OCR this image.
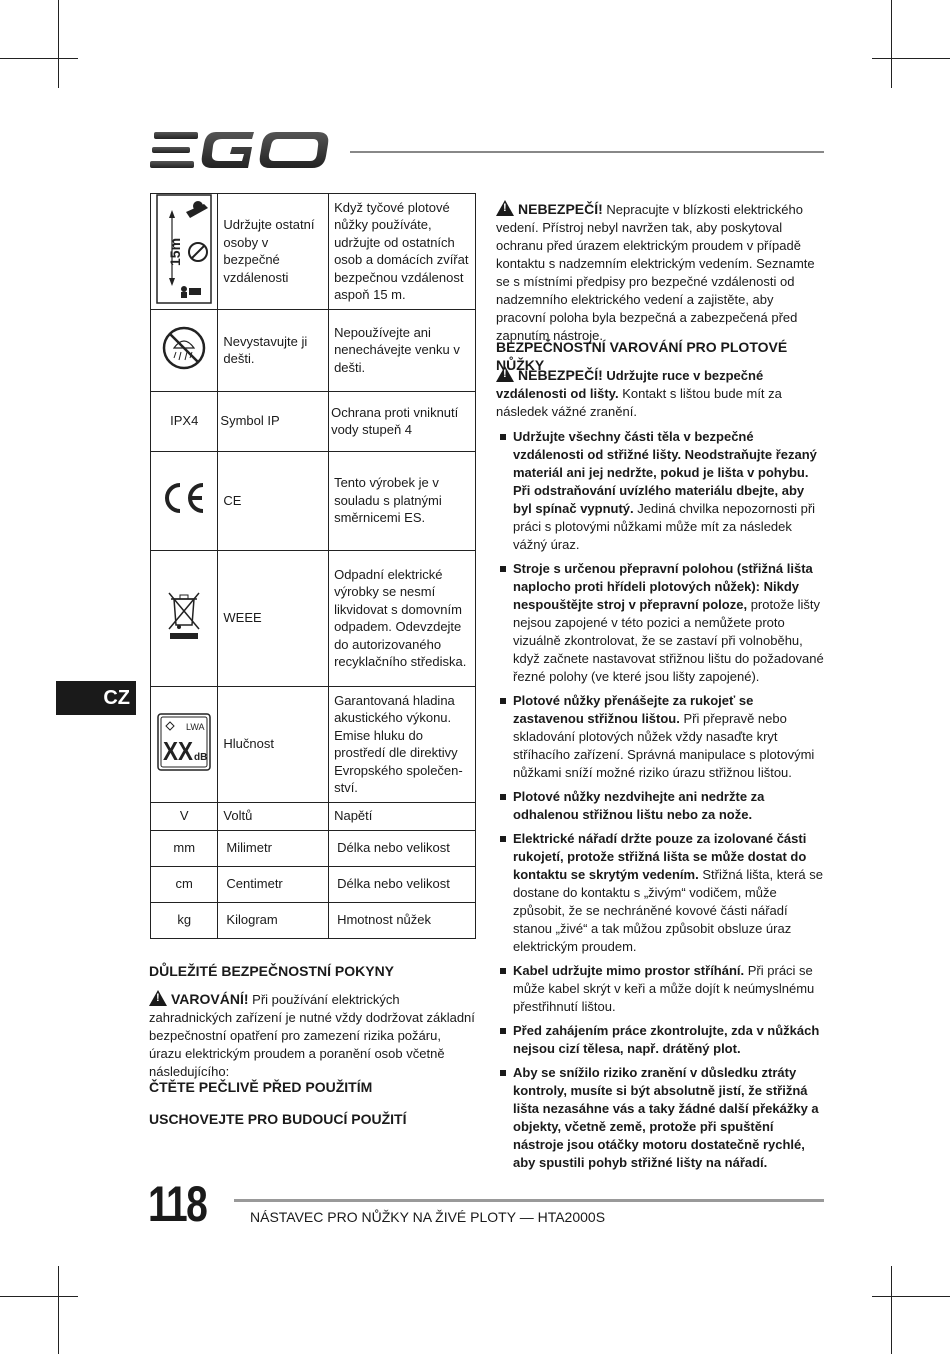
15m	Udržujte ostatní osoby v bezpečné vzdálenosti	Když tyčové plotové nůžky používáte, udržujte od ostatních osob a domácích zvířat bezpečnou vzdálenost aspoň 15 m.
	Nevystavujte ji dešti.	Nepoužívejte ani nenechávejte venku v dešti.
IPX4	Symbol IP	Ochrana proti vniknutí vody stupeň 4
	CE	Tento výrobek je v souladu s platnými směrnicemi ES.
	WEEE	Odpadní elektrické výrobky se nesmí likvidovat s domovním odpadem. Odevzdejte do autorizovaného recyklačního střediska.

LWA
XX dB	Hlučnost	Garantovaná hladina akustického výkonu. Emise hluku do prostředí dle direktivy Evropského společen-ství.
V	Voltů	Napětí
mm	Milimetr	Délka nebo velikost
cm	Centimetr	Délka nebo velikost
kg	Kilogram	Hmotnost nůžek
CZ
DŮLEŽITÉ BEZPEČNOSTNÍ POKYNY

!VAROVÁNÍ! Při používání elektrických zahradnických zařízení je nutné vždy dodržovat základní bezpečnostní opatření pro zamezení rizika požáru, úrazu elektrickým proudem a poranění osob včetně následujícího:

ČTĚTE PEČLIVĚ PŘED POUŽITÍM
USCHOVEJTE PRO BUDOUCÍ POUŽITÍ

!NEBEZPEČÍ! Nepracujte v blízkosti elektrického vedení. Přístroj nebyl navržen tak, aby poskytoval ochranu před úrazem elektrickým proudem v případě kontaktu s nadzemním elektrickým vedením. Seznamte se s místními předpisy pro bezpečné vzdálenosti od nadzemního elektrického vedení a zajistěte, aby pracovní poloha byla bezpečná a zabezpečená před zapnutím nástroje.

BEZPEČNOSTNÍ VAROVÁNÍ PRO PLOTOVÉ NŮŽKY

!NEBEZPEČÍ! Udržujte ruce v bezpečné vzdálenosti od lišty. Kontakt s lištou bude mít za následek vážné zranění.

Udržujte všechny části těla v bezpečné vzdálenosti od střižné lišty. Neodstraňujte řezaný materiál ani jej nedržte, pokud je lišta v pohybu. Při odstraňování uvízlého materiálu dbejte, aby byl spínač vypnutý. Jediná chvilka nepozornosti při práci s plotovými nůžkami může mít za následek vážný úraz.
Stroje s určenou přepravní polohou (střižná lišta naplocho proti hřídeli plotových nůžek): Nikdy nespouštějte stroj v přepravní poloze, protože lišty nejsou zapojené v této pozici a nemůžete proto vizuálně zkontrolovat, že se zastaví při volnoběhu, když začnete nastavovat střižnou lištu do požadované řezné polohy (ve které jsou lišty zapojené).
Plotové nůžky přenášejte za rukojeť se zastavenou střižnou lištou. Při přepravě nebo skladování plotových nůžek vždy nasaďte kryt stříhacího zařízení. Správná manipulace s plotovými nůžkami sníží možné riziko úrazu střižnou lištou.
Plotové nůžky nezdvihejte ani nedržte za odhalenou střižnou lištu nebo za nože.
Elektrické nářadí držte pouze za izolované části rukojetí, protože střižná lišta se může dostat do kontaktu se skrytým vedením. Střižná lišta, která se dostane do kontaktu s „živým“ vodičem, může způsobit, že se nechráněné kovové části nářadí stanou „živé“ a tak můžou způsobit obsluze úraz elektrickým proudem.
Kabel udržujte mimo prostor stříhání. Při práci se může kabel skrýt v keři a může dojít k neúmyslnému přestřihnutí lištou.
Před zahájením práce zkontrolujte, zda v nůžkách nejsou cizí tělesa, např. drátěný plot.
Aby se snížilo riziko zranění v důsledku ztráty kontroly, musíte si být absolutně jistí, že střižná lišta nezasáhne vás a taky žádné další překážky a objekty, včetně země, protože při spuštění nástroje jsou otáčky motoru dostatečně rychlé, aby spustili pohyb střižné lišty na nářadí.
118	NÁSTAVEC PRO NŮŽKY NA ŽIVÉ PLOTY — HTA2000S
